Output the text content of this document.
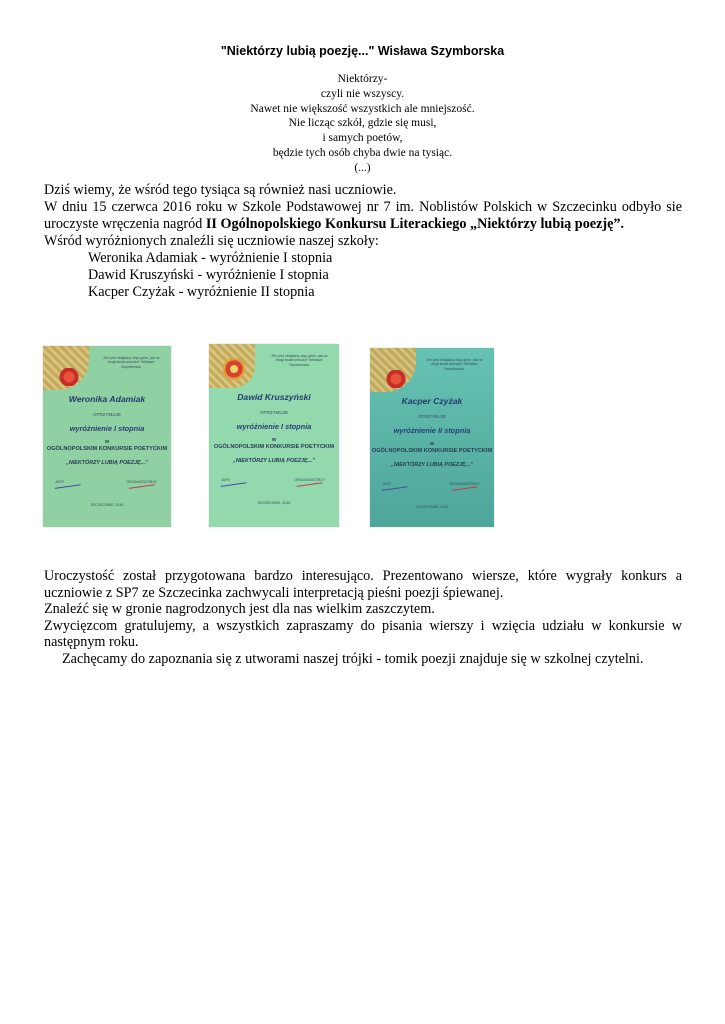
"Niektórzy lubią poezję..." Wisława Szymborska
Niektórzy-
czyli nie wszyscy.
Nawet nie większość wszystkich ale mniejszość.
Nie licząc szkół, gdzie się musi,
i samych poetów,
będzie tych osób chyba dwie na tysiąc.
(...)
Dziś wiemy, że wśród tego tysiąca są również nasi uczniowie.
W dniu 15 czerwca 2016 roku w Szkole Podstawowej nr 7 im. Noblistów Polskich w Szczecinku odbyło sie uroczyste wręczenia nagród II Ogólnopolskiego Konkursu Literackiego „Niektórzy lubią poezję”.
Wśród wyróżnionych znaleźli się uczniowie naszej szkoły:
Weronika Adamiak - wyróżnienie I stopnia
Dawid Kruszyński - wyróżnienie I stopnia
Kacper Czyżak - wyróżnienie II stopnia
„Ten jest zbłąkany więc ginie, jak na drugi świat wchodzi” Wisława Szymborska
Weronika Adamiak
OTRZYMUJE
wyróżnienie I stopnia
W
OGÓLNOPOLSKIM KONKURSIE POETYCKIM
„NIEKTÓRZY LUBIĄ POEZJĘ...”
JURY	ORGANIZATORZY
SZCZECINEK, 2016
„Ten jest zbłąkany więc ginie, jak na drugi świat wchodzi” Wisława Szymborska
Dawid Kruszyński
OTRZYMUJE
wyróżnienie I stopnia
W
OGÓLNOPOLSKIM KONKURSIE POETYCKIM
„NIEKTÓRZY LUBIĄ POEZJĘ...”
JURY	ORGANIZATORZY
SZCZECINEK, 2016
„Ten jest zbłąkany więc ginie, jak na drugi świat wchodzi” Wisława Szymborska
Kacper Czyżak
OTRZYMUJE
wyróżnienie II stopnia
W
OGÓLNOPOLSKIM KONKURSIE POETYCKIM
„NIEKTÓRZY LUBIĄ POEZJĘ...”
JURY	ORGANIZATORZY
SZCZECINEK, 2016
Uroczystość został przygotowana bardzo interesująco. Prezentowano wiersze, które wygrały konkurs a uczniowie z SP7 ze Szczecinka zachwycali interpretacją pieśni poezji śpiewanej.
Znaleźć się w gronie nagrodzonych jest dla nas wielkim zaszczytem.
Zwycięzcom gratulujemy, a wszystkich zapraszamy do pisania wierszy i wzięcia udziału w konkursie w następnym roku.
Zachęcamy do zapoznania się z utworami naszej trójki - tomik poezji znajduje się w szkolnej czytelni.
